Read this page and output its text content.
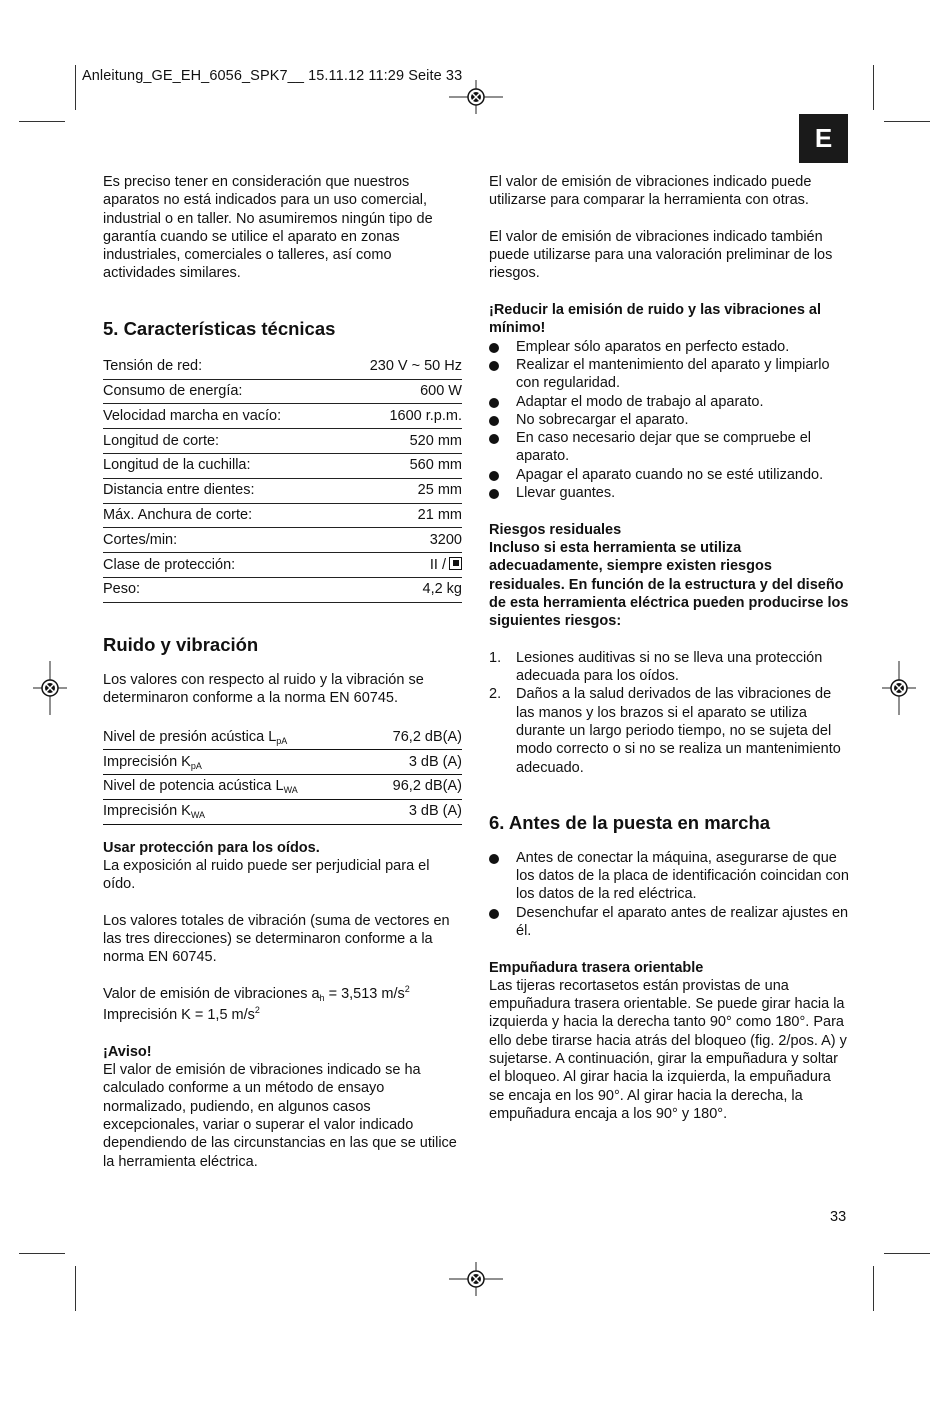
Anleitung_GE_EH_6056_SPK7__ 15.11.12 11:29 Seite 33
E

Es preciso tener en consideración que nuestros aparatos no está indicados para un uso comercial, industrial o en taller. No asumiremos ningún tipo de garantía cuando se utilice el aparato en zonas industriales, comerciales o talleres, así como actividades similares.

5. Características técnicas
Tensión de red:	230 V ~ 50 Hz
Consumo de energía:	600 W
Velocidad marcha en vacío:	1600 r.p.m.
Longitud de corte:	520 mm
Longitud de la cuchilla:	560 mm
Distancia entre dientes:	25 mm
Máx. Anchura de corte:	21 mm
Cortes/min:	3200
Clase de protección:	II /
Peso:	4,2 kg
Ruido y vibración

Los valores con respecto al ruido y la vibración se determinaron conforme a la norma EN 60745.

Nivel de presión acústica $L_{pA}$	76,2 dB(A)
Imprecisión $K_{pA}$	3 dB (A)
Nivel de potencia acústica $L_{WA}$	96,2 dB(A)
Imprecisión $K_{WA}$	3 dB (A)

Usar protección para los oídos.

La exposición al ruido puede ser perjudicial para el oído.

Los valores totales de vibración (suma de vectores en las tres direcciones) se determinaron conforme a la norma EN 60745.

Valor de emisión de vibraciones $a_h = 3,513$ $m/s^2$

Imprecisión K = 1,5 $m/s^2$

¡Aviso!

El valor de emisión de vibraciones indicado se ha calculado conforme a un método de ensayo normalizado, pudiendo, en algunos casos excepcionales, variar o superar el valor indicado dependiendo de las circunstancias en las que se utilice la herramienta eléctrica.

El valor de emisión de vibraciones indicado puede utilizarse para comparar la herramienta con otras.

El valor de emisión de vibraciones indicado también puede utilizarse para una valoración preliminar de los riesgos.

¡Reducir la emisión de ruido y las vibraciones al mínimo!

Emplear sólo aparatos en perfecto estado.
Realizar el mantenimiento del aparato y limpiarlo con regularidad.
Adaptar el modo de trabajo al aparato.
No sobrecargar el aparato.
En caso necesario dejar que se compruebe el aparato.
Apagar el aparato cuando no se esté utilizando.
Llevar guantes.

Riesgos residuales

Incluso si esta herramienta se utiliza adecuadamente, siempre existen riesgos residuales. En función de la estructura y del diseño de esta herramienta eléctrica pueden producirse los siguientes riesgos:

1. Lesiones auditivas si no se lleva una protección adecuada para los oídos.
2. Daños a la salud derivados de las vibraciones de las manos y los brazos si el aparato se utiliza durante un largo periodo tiempo, no se sujeta del modo correcto o si no se realiza un mantenimiento adecuado.
6. Antes de la puesta en marcha
Antes de conectar la máquina, asegurarse de que los datos de la placa de identificación coincidan con los datos de la red eléctrica.
Desenchufar el aparato antes de realizar ajustes en él.

Empuñadura trasera orientable

Las tijeras recortasetos están provistas de una empuñadura trasera orientable. Se puede girar hacia la izquierda y hacia la derecha tanto 90° como 180°. Para ello debe tirarse hacia atrás del bloqueo (fig. 2/pos. A) y sujetarse. A continuación, girar la empuñadura y soltar el bloqueo. Al girar hacia la izquierda, la empuñadura se encaja en los 90°. Al girar hacia la derecha, la empuñadura encaja a los 90° y 180°.

33
